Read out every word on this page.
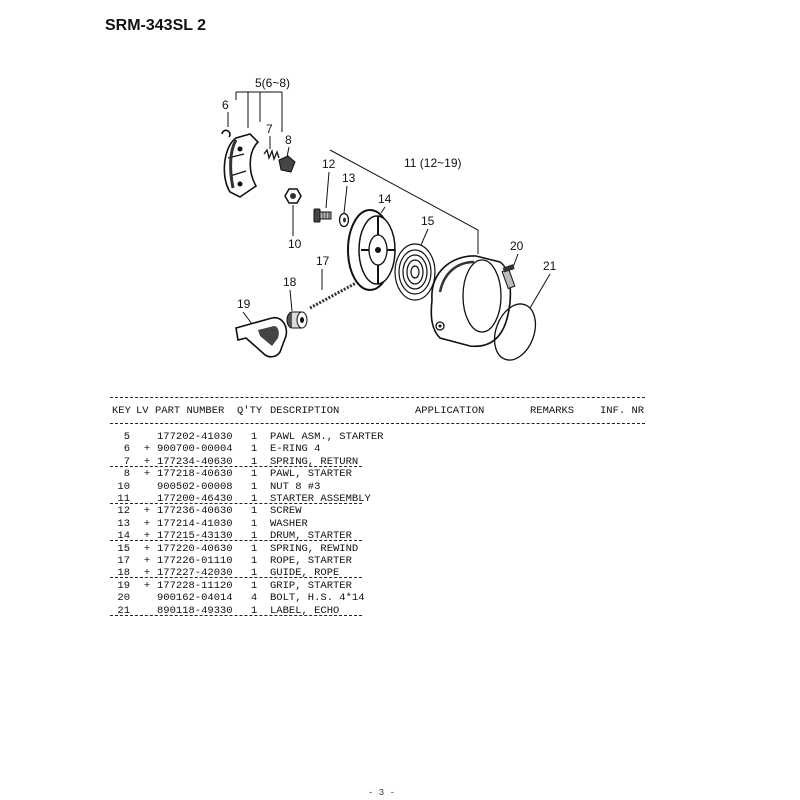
SRM-343SL 2
5(6~8)
6
7
8
12
13
11 (12~19)
14
15
10	20
21
17
18
19
KEY LV PART NUMBER Q'TY DESCRIPTION	APPLICATION	REMARKS INF. NR
5	177202-41030 1 PAWL ASM., STARTER
6 + 900700-00004 1 E-RING 4
7 + 177234-40630 1 SPRING, RETURN
8 + 177218-40630 1 PAWL, STARTER
10	900502-00008 1 NUT 8 #3
11	177200-46430 1 STARTER ASSEMBLY
12 + 177236-40630 1 SCREW
13 + 177214-41030 1 WASHER
14 + 177215-43130 1 DRUM, STARTER
15 + 177220-40630 1 SPRING, REWIND
17 + 177226-01110 1 ROPE, STARTER
18 + 177227-42030 1 GUIDE, ROPE
19 + 177228-11120 1 GRIP, STARTER
20	900162-04014 4 BOLT, H.S. 4*14
21	890118-49330 1 LABEL, ECHO
- 3 -
